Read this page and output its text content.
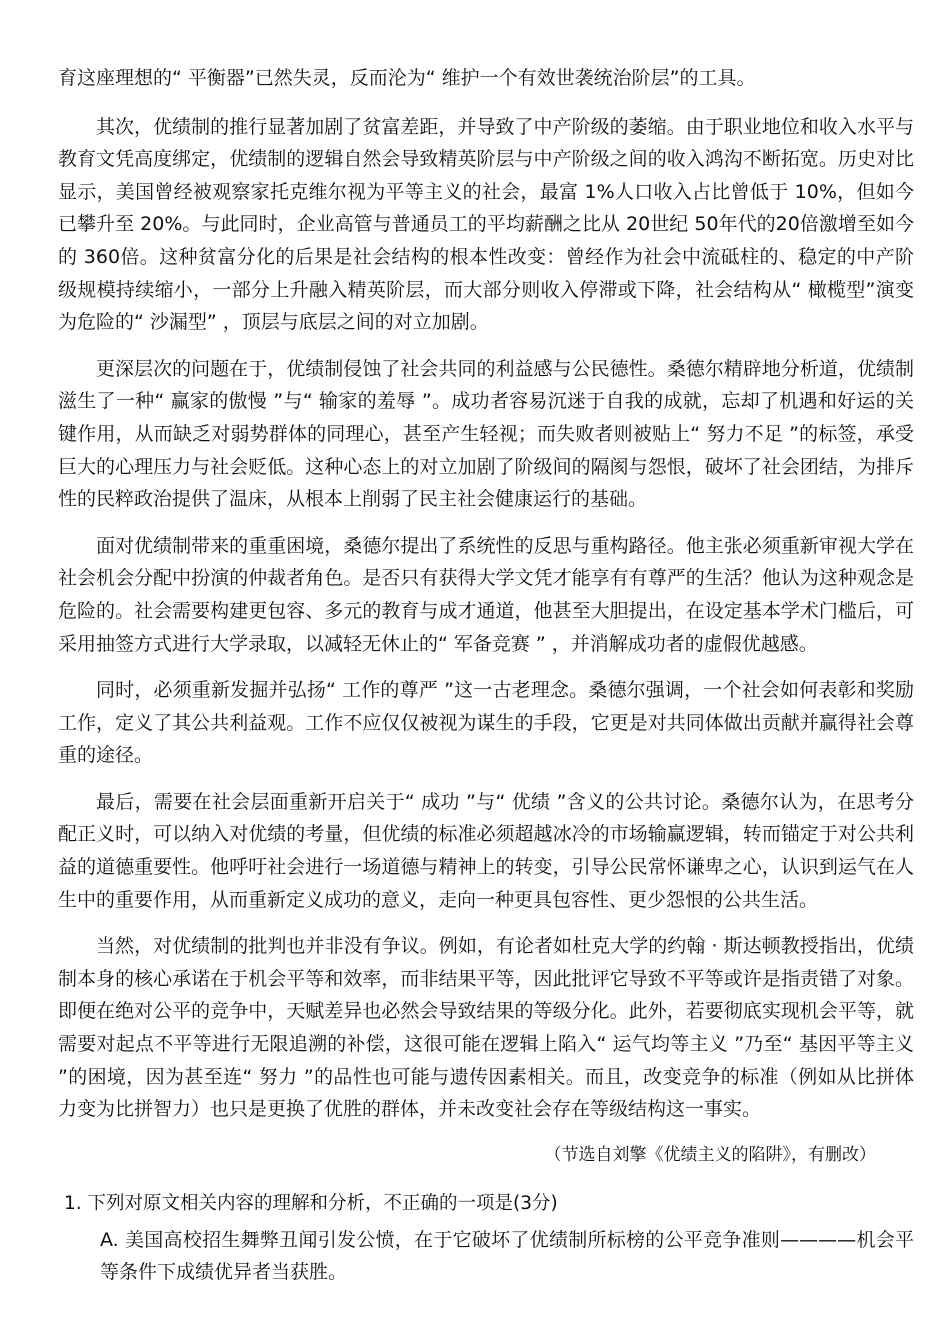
育这座理想的“ 平衡器”已然失灵，反而沦为“ 维护一个有效世袭统治阶层”的工具。

其次，优绩制的推行显著加剧了贫富差距，并导致了中产阶级的萎缩。由于职业地位和收入水平与教育文凭高度绑定，优绩制的逻辑自然会导致精英阶层与中产阶级之间的收入鸿沟不断拓宽。历史对比显示，美国曾经被观察家托克维尔视为平等主义的社会，最富 1%人口收入占比曾低于 10%，但如今已攀升至 20%。与此同时，企业高管与普通员工的平均薪酬之比从 20世纪 50年代的20倍激增至如今的 360倍。这种贫富分化的后果是社会结构的根本性改变：曾经作为社会中流砥柱的、稳定的中产阶级规模持续缩小，一部分上升融入精英阶层，而大部分则收入停滞或下降，社会结构从“ 橄榄型”演变为危险的“ 沙漏型” ，顶层与底层之间的对立加剧。

更深层次的问题在于，优绩制侵蚀了社会共同的利益感与公民德性。桑德尔精辟地分析道，优绩制滋生了一种“ 赢家的傲慢 ”与“ 输家的羞辱 ”。成功者容易沉迷于自我的成就，忘却了机遇和好运的关键作用，从而缺乏对弱势群体的同理心，甚至产生轻视；而失败者则被贴上“ 努力不足 ”的标签，承受巨大的心理压力与社会贬低。这种心态上的对立加剧了阶级间的隔阂与怨恨，破坏了社会团结，为排斥性的民粹政治提供了温床，从根本上削弱了民主社会健康运行的基础。

面对优绩制带来的重重困境，桑德尔提出了系统性的反思与重构路径。他主张必须重新审视大学在社会机会分配中扮演的仲裁者角色。是否只有获得大学文凭才能享有有尊严的生活？他认为这种观念是危险的。社会需要构建更包容、多元的教育与成才通道，他甚至大胆提出，在设定基本学术门槛后，可采用抽签方式进行大学录取，以减轻无休止的“ 军备竞赛 ” ，并消解成功者的虚假优越感。

同时，必须重新发掘并弘扬“ 工作的尊严 ”这一古老理念。桑德尔强调，一个社会如何表彰和奖励工作，定义了其公共利益观。工作不应仅仅被视为谋生的手段，它更是对共同体做出贡献并赢得社会尊重的途径。

最后，需要在社会层面重新开启关于“ 成功 ”与“ 优绩 ”含义的公共讨论。桑德尔认为，在思考分配正义时，可以纳入对优绩的考量，但优绩的标准必须超越冰冷的市场输赢逻辑，转而锚定于对公共利益的道德重要性。他呼吁社会进行一场道德与精神上的转变，引导公民常怀谦卑之心，认识到运气在人生中的重要作用，从而重新定义成功的意义，走向一种更具包容性、更少怨恨的公共生活。

当然，对优绩制的批判也并非没有争议。例如，有论者如杜克大学的约翰 · 斯达顿教授指出，优绩制本身的核心承诺在于机会平等和效率，而非结果平等，因此批评它导致不平等或许是指责错了对象。即便在绝对公平的竞争中，天赋差异也必然会导致结果的等级分化。此外，若要彻底实现机会平等，就需要对起点不平等进行无限追溯的补偿，这很可能在逻辑上陷入“ 运气均等主义 ”乃至“ 基因平等主义 ”的困境，因为甚至连“ 努力 ”的品性也可能与遗传因素相关。而且，改变竞争的标准（例如从比拼体力变为比拼智力）也只是更换了优胜的群体，并未改变社会存在等级结构这一事实。

（节选自刘擎《优绩主义的陷阱》，有删改）
1. 下列对原文相关内容的理解和分析，不正确的一项是(3分)
A. 美国高校招生舞弊丑闻引发公愤，在于它破坏了优绩制所标榜的公平竞争准则————机会平等条件下成绩优异者当获胜。
